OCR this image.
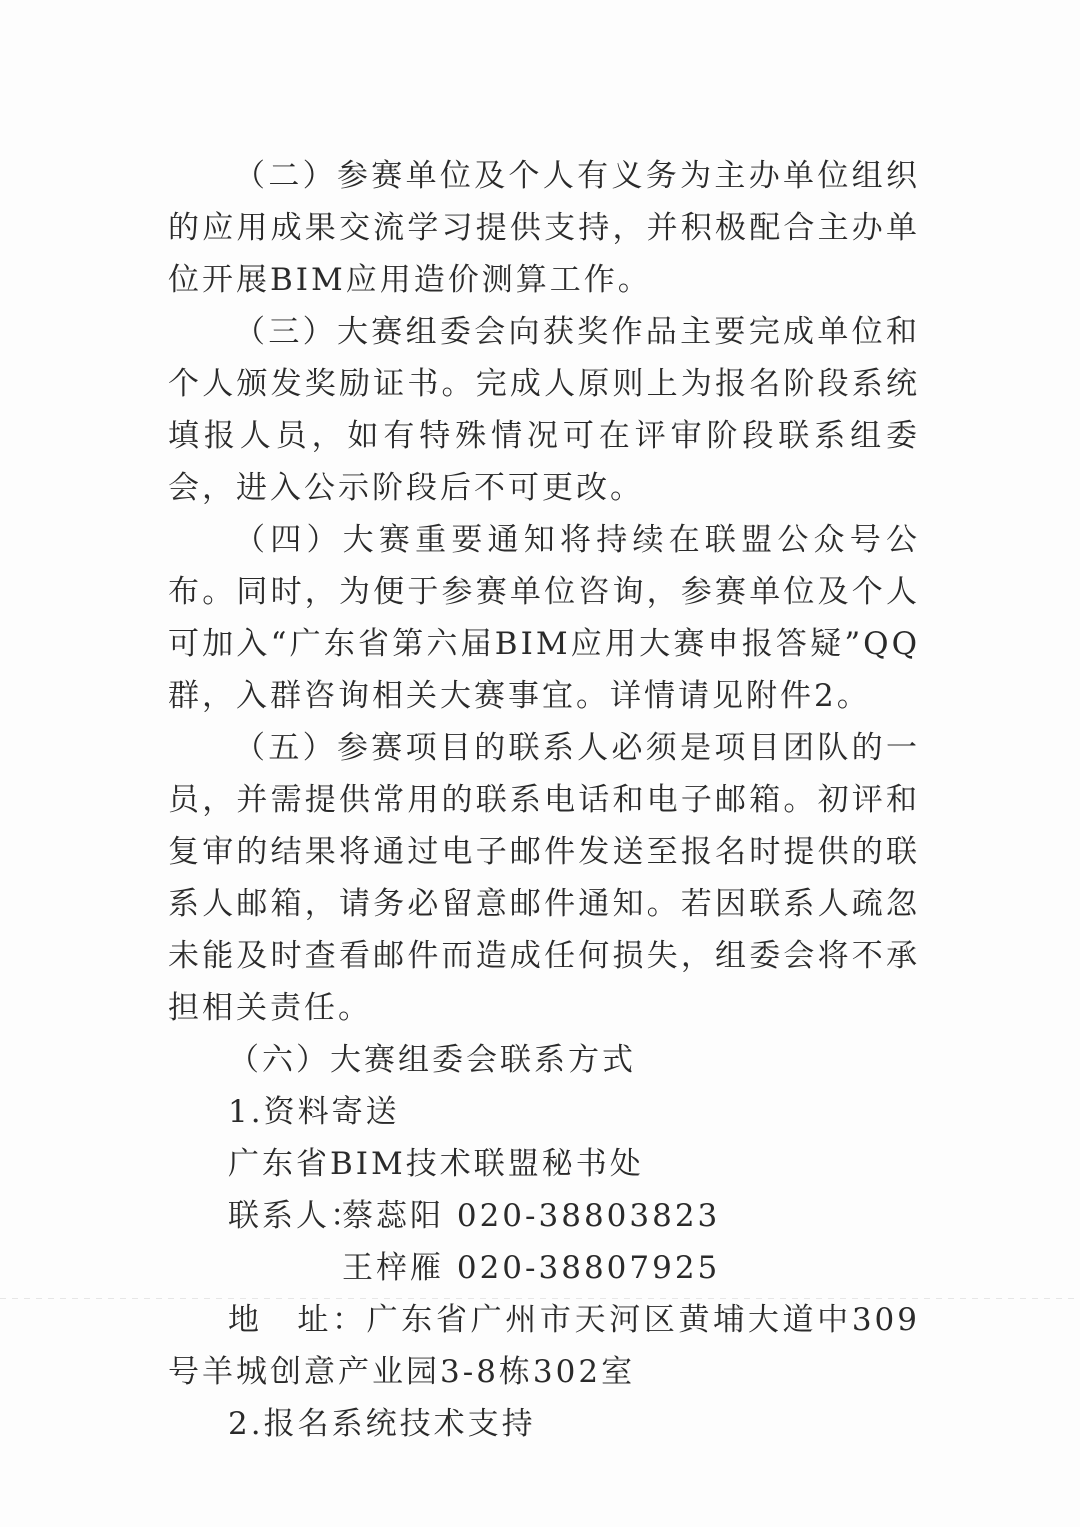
（二）参赛单位及个人有义务为主办单位组织的应用成果交流学习提供支持，并积极配合主办单位开展BIM应用造价测算工作。

（三）大赛组委会向获奖作品主要完成单位和个人颁发奖励证书。完成人原则上为报名阶段系统填报人员，如有特殊情况可在评审阶段联系组委会，进入公示阶段后不可更改。

（四）大赛重要通知将持续在联盟公众号公布。同时，为便于参赛单位咨询，参赛单位及个人可加入“广东省第六届BIM应用大赛申报答疑”QQ群，入群咨询相关大赛事宜。详情请见附件2。

（五）参赛项目的联系人必须是项目团队的一员，并需提供常用的联系电话和电子邮箱。初评和复审的结果将通过电子邮件发送至报名时提供的联系人邮箱，请务必留意邮件通知。若因联系人疏忽未能及时查看邮件而造成任何损失，组委会将不承担相关责任。

（六）大赛组委会联系方式

1.资料寄送

广东省BIM技术联盟秘书处

联系人：蔡蕊阳 020-38803823

王梓雁 020-38807925

地　址：广东省广州市天河区黄埔大道中309号羊城创意产业园3-8栋302室

2.报名系统技术支持
